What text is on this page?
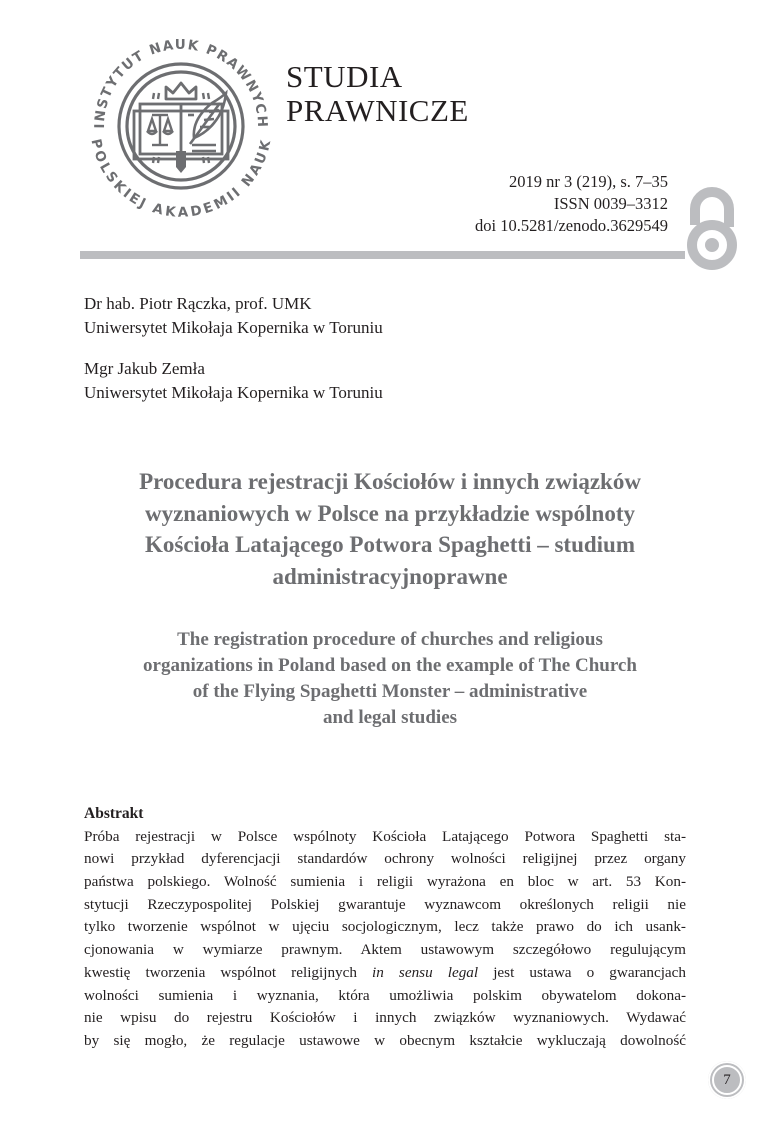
INSTYTUT NAUK PRAWNYCH
POLSKIEJ AKADEMII NAUK
STUDIA
PRAWNICZE
2019 nr 3 (219), s. 7–35
ISSN 0039–3312
doi 10.5281/zenodo.3629549
Dr hab. Piotr Rączka, prof. UMK
Uniwersytet Mikołaja Kopernika w Toruniu
Mgr Jakub Zemła
Uniwersytet Mikołaja Kopernika w Toruniu
Procedura rejestracji Kościołów i innych związków
wyznaniowych w Polsce na przykładzie wspólnoty
Kościoła Latającego Potwora Spaghetti – studium
administracyjnoprawne
The registration procedure of churches and religious
organizations in Poland based on the example of The Church
of the Flying Spaghetti Monster – administrative
and legal studies
Abstrakt
Próba rejestracji w Polsce wspólnoty Kościoła Latającego Potwora Spaghetti sta-
nowi przykład dyferencjacji standardów ochrony wolności religijnej przez organy
państwa polskiego. Wolność sumienia i religii wyrażona en bloc w art. 53 Kon-
stytucji Rzeczypospolitej Polskiej gwarantuje wyznawcom określonych religii nie
tylko tworzenie wspólnot w ujęciu socjologicznym, lecz także prawo do ich usank-
cjonowania w wymiarze prawnym. Aktem ustawowym szczegółowo regulującym
kwestię tworzenia wspólnot religijnych in sensu legal jest ustawa o gwarancjach
wolności sumienia i wyznania, która umożliwia polskim obywatelom dokona-
nie wpisu do rejestru Kościołów i innych związków wyznaniowych. Wydawać
by się mogło, że regulacje ustawowe w obecnym kształcie wykluczają dowolność
7
